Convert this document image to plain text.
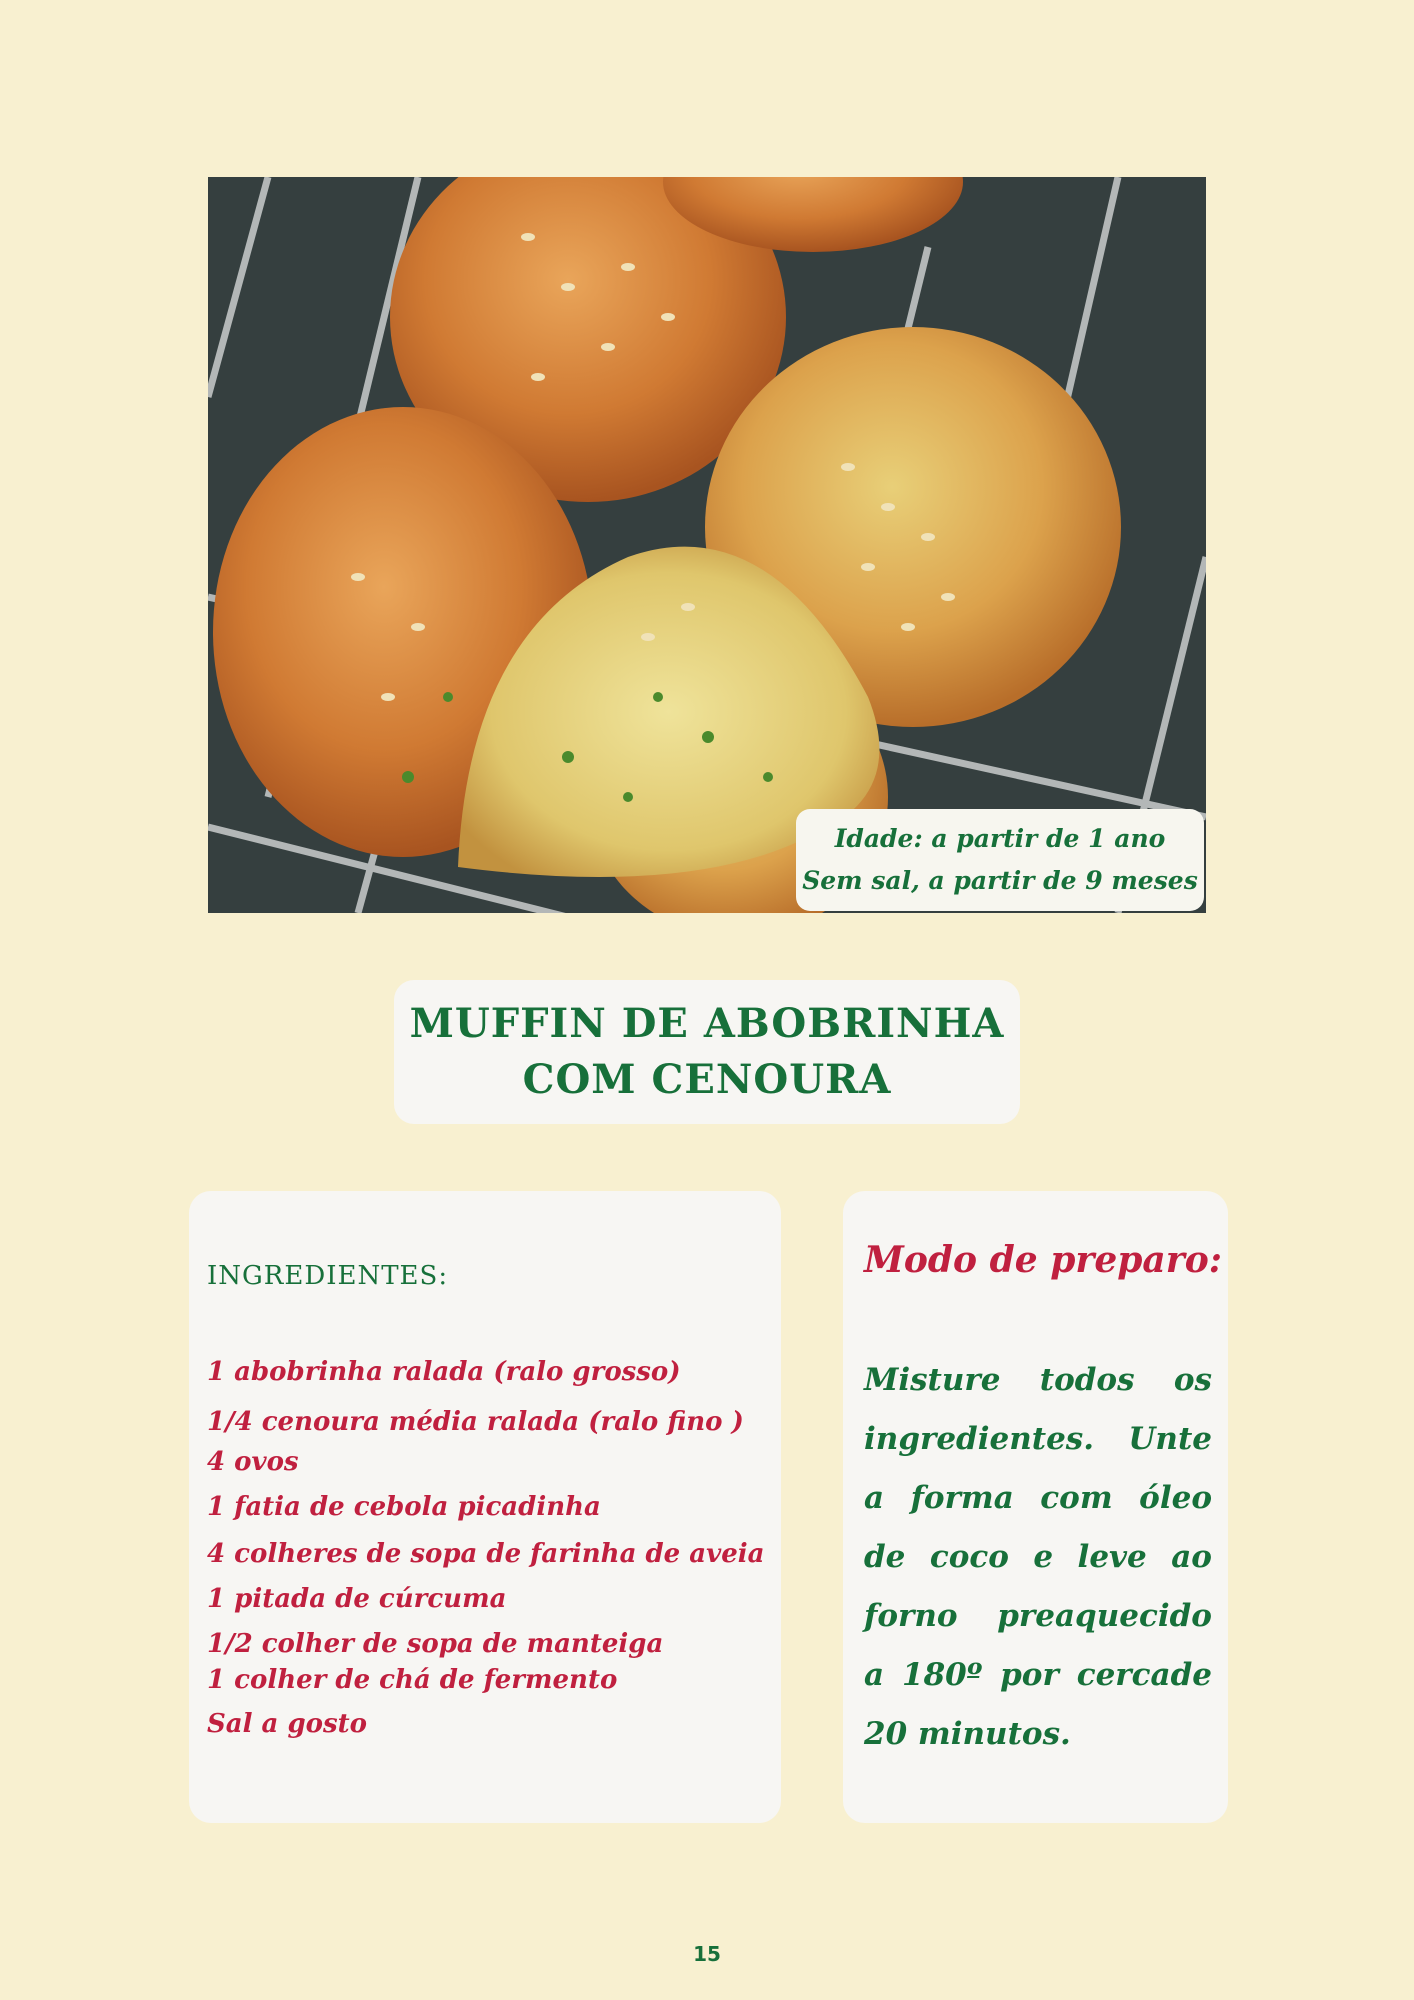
Idade: a partir de 1 ano
Sem sal, a partir de 9 meses
MUFFIN DE ABOBRINHA
COM CENOURA
INGREDIENTES:
1 abobrinha ralada (ralo grosso)
1/4 cenoura média ralada (ralo fino )
4 ovos
1 fatia de cebola picadinha
4 colheres de sopa de farinha de aveia
1 pitada de cúrcuma
1/2 colher de sopa de manteiga
1 colher de chá de fermento
Sal a gosto
Modo de preparo:
Misture todos os ingredientes. Unte a forma com óleo de coco e leve ao forno preaquecido a 180º por cercade 20 minutos.
15
